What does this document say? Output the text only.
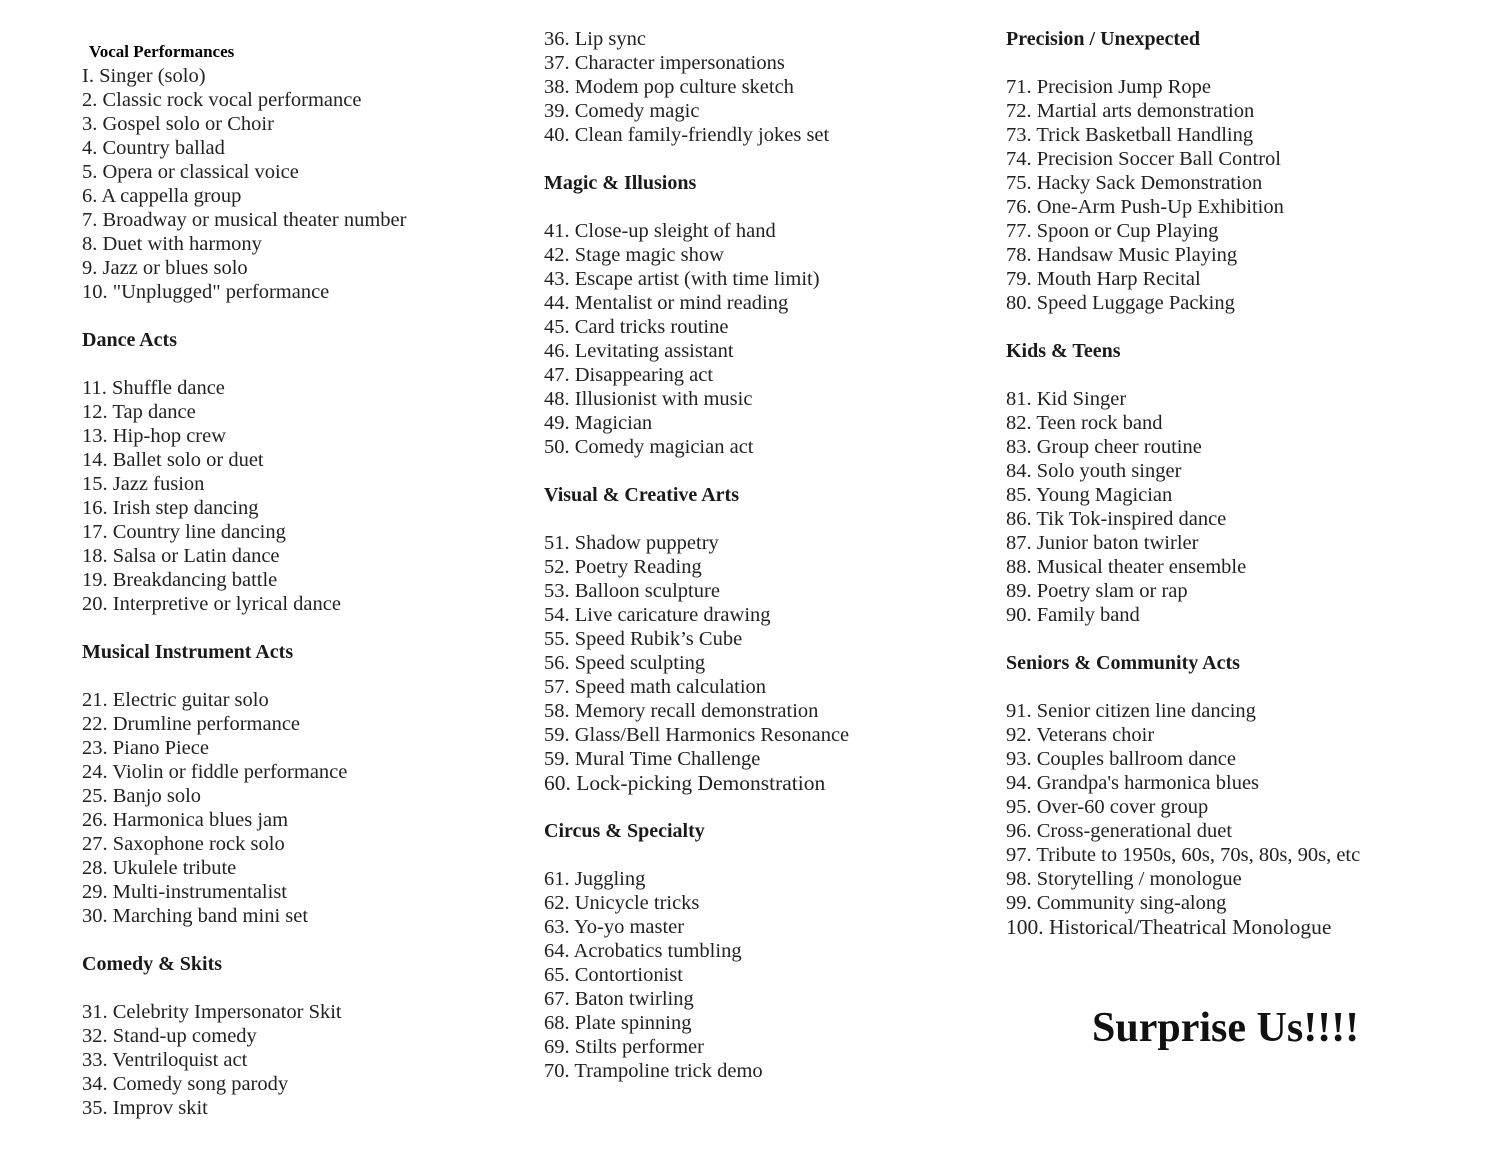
Vocal Performances
I. Singer (solo)
2. Classic rock vocal performance
3. Gospel solo or Choir
4. Country ballad
5. Opera or classical voice
6. A cappella group
7. Broadway or musical theater number
8. Duet with harmony
9. Jazz or blues solo
10. "Unplugged" performance
Dance Acts
11. Shuffle dance
12. Tap dance
13. Hip-hop crew
14. Ballet solo or duet
15. Jazz fusion
16. Irish step dancing
17. Country line dancing
18. Salsa or Latin dance
19. Breakdancing battle
20. Interpretive or lyrical dance
Musical Instrument Acts
21. Electric guitar solo
22. Drumline performance
23. Piano Piece
24. Violin or fiddle performance
25. Banjo solo
26. Harmonica blues jam
27. Saxophone rock solo
28. Ukulele tribute
29. Multi-instrumentalist
30. Marching band mini set
Comedy & Skits
31. Celebrity Impersonator Skit
32. Stand-up comedy
33. Ventriloquist act
34. Comedy song parody
35. Improv skit
36. Lip sync
37. Character impersonations
38. Modem pop culture sketch
39. Comedy magic
40. Clean family-friendly jokes set
Magic & Illusions
41. Close-up sleight of hand
42. Stage magic show
43. Escape artist (with time limit)
44. Mentalist or mind reading
45. Card tricks routine
46. Levitating assistant
47. Disappearing act
48. Illusionist with music
49. Magician
50. Comedy magician act
Visual & Creative Arts
51. Shadow puppetry
52. Poetry Reading
53. Balloon sculpture
54. Live caricature drawing
55. Speed Rubik’s Cube
56. Speed sculpting
57. Speed math calculation
58. Memory recall demonstration
59. Glass/Bell Harmonics Resonance
59. Mural Time Challenge
60. Lock-picking Demonstration
Circus & Specialty
61. Juggling
62. Unicycle tricks
63. Yo-yo master
64. Acrobatics tumbling
65. Contortionist
67. Baton twirling
68. Plate spinning
69. Stilts performer
70. Trampoline trick demo
Precision / Unexpected
71. Precision Jump Rope
72. Martial arts demonstration
73. Trick Basketball Handling
74. Precision Soccer Ball Control
75. Hacky Sack Demonstration
76. One-Arm Push-Up Exhibition
77. Spoon or Cup Playing
78. Handsaw Music Playing
79. Mouth Harp Recital
80. Speed Luggage Packing
Kids & Teens
81. Kid Singer
82. Teen rock band
83. Group cheer routine
84. Solo youth singer
85. Young Magician
86. Tik Tok-inspired dance
87. Junior baton twirler
88. Musical theater ensemble
89. Poetry slam or rap
90. Family band
Seniors & Community Acts
91. Senior citizen line dancing
92. Veterans choir
93. Couples ballroom dance
94. Grandpa's harmonica blues
95. Over-60 cover group
96. Cross-generational duet
97. Tribute to 1950s, 60s, 70s, 80s, 90s, etc
98. Storytelling / monologue
99. Community sing-along
100. Historical/Theatrical Monologue
Surprise Us!!!!
